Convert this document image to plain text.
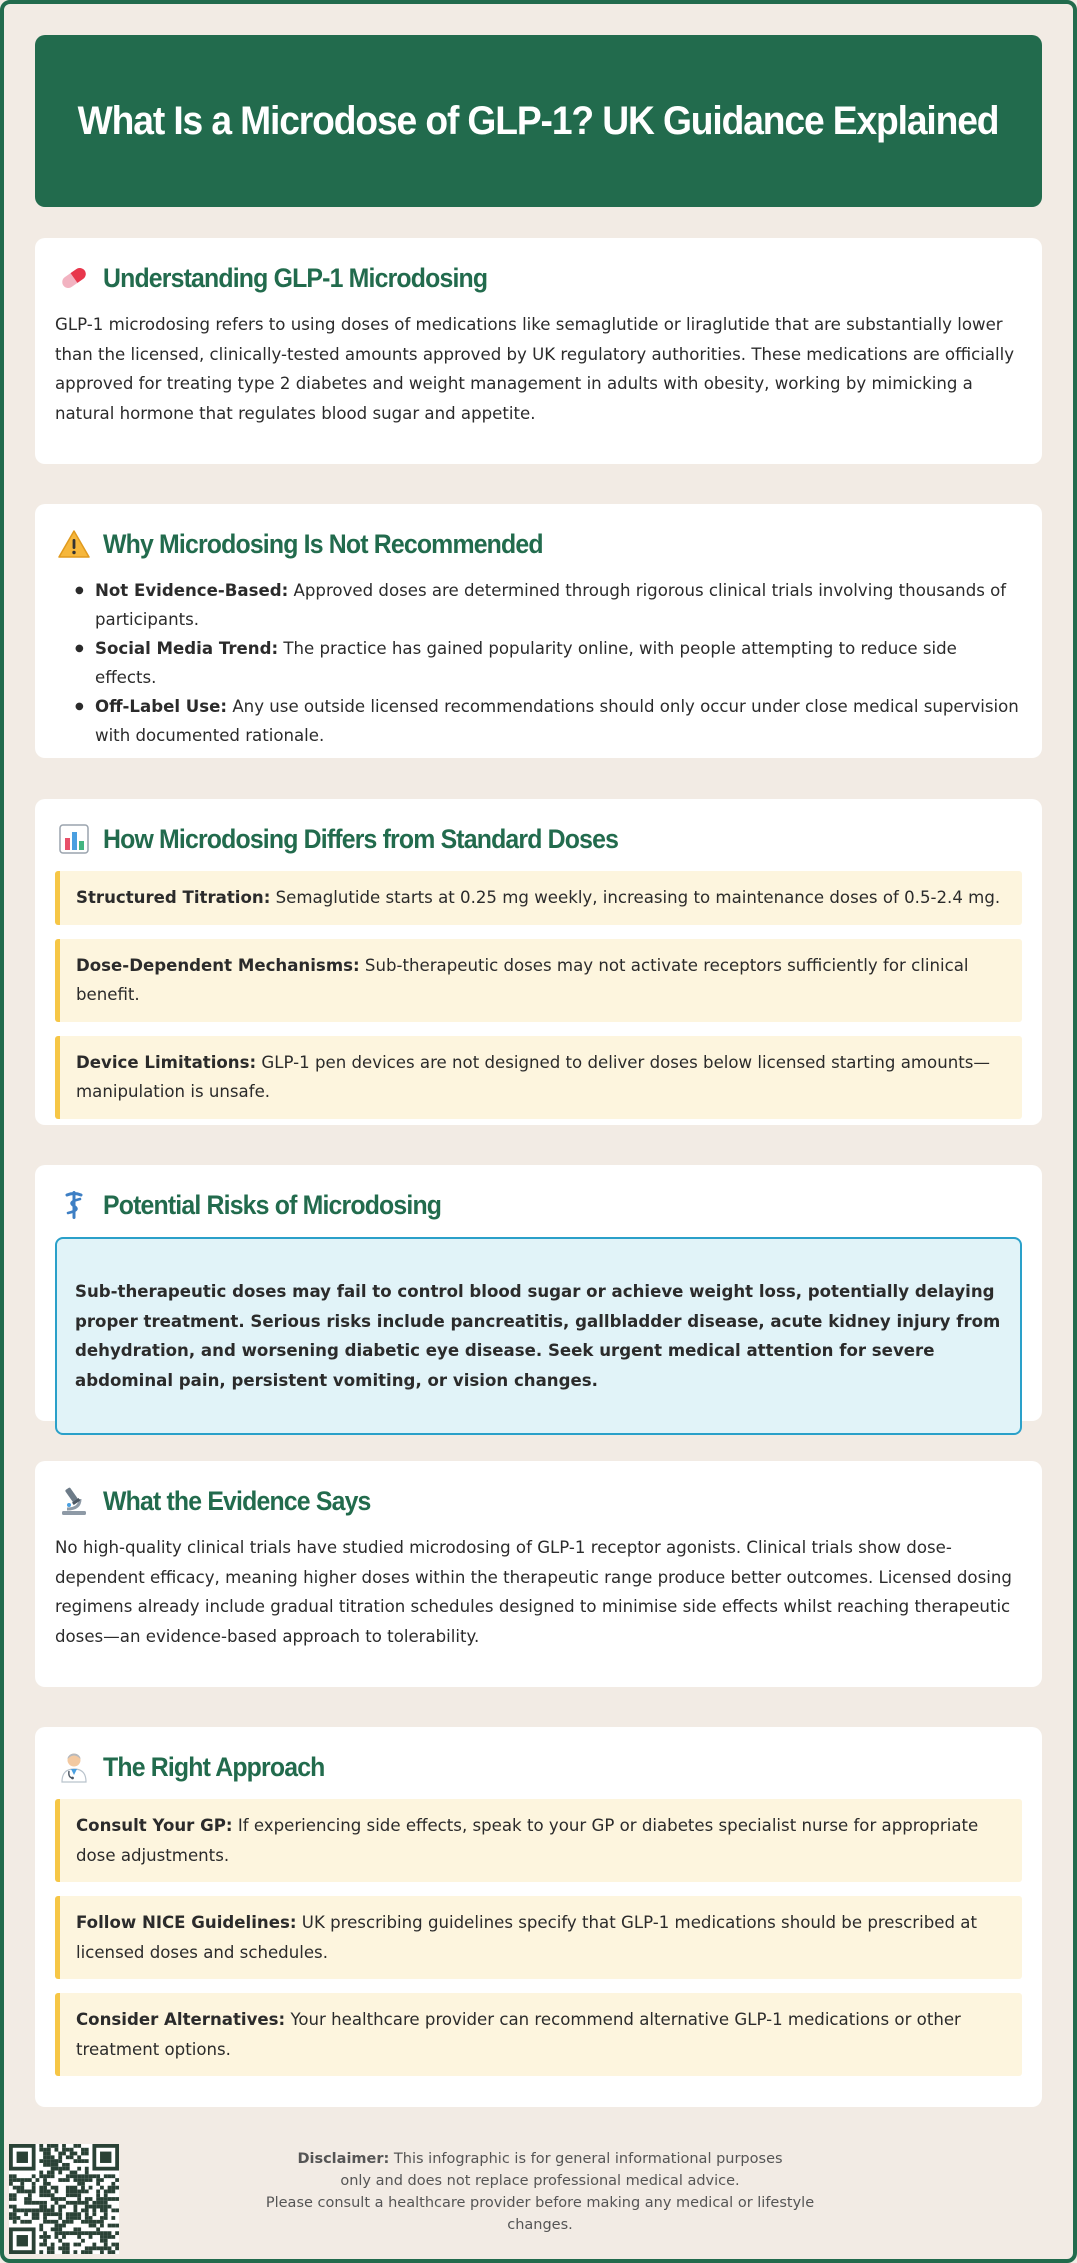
What Is a Microdose of GLP-1? UK Guidance Explained
Understanding GLP-1 Microdosing

GLP-1 microdosing refers to using doses of medications like semaglutide or liraglutide that are substantially lower than the licensed, clinically-tested amounts approved by UK regulatory authorities. These medications are officially approved for treating type 2 diabetes and weight management in adults with obesity, working by mimicking a natural hormone that regulates blood sugar and appetite.

Why Microdosing Is Not Recommended
● Not Evidence-Based: Approved doses are determined through rigorous clinical trials involving thousands of participants.
● Social Media Trend: The practice has gained popularity online, with people attempting to reduce side effects.
● Off-Label Use: Any use outside licensed recommendations should only occur under close medical supervision with documented rationale.
How Microdosing Differs from Standard Doses
Structured Titration: Semaglutide starts at 0.25 mg weekly, increasing to maintenance doses of 0.5-2.4 mg.
Dose-Dependent Mechanisms: Sub-therapeutic doses may not activate receptors sufficiently for clinical benefit.
Device Limitations: GLP-1 pen devices are not designed to deliver doses below licensed starting amounts—manipulation is unsafe.
Potential Risks of Microdosing
Sub-therapeutic doses may fail to control blood sugar or achieve weight loss, potentially delaying proper treatment. Serious risks include pancreatitis, gallbladder disease, acute kidney injury from dehydration, and worsening diabetic eye disease. Seek urgent medical attention for severe abdominal pain, persistent vomiting, or vision changes.
What the Evidence Says

No high-quality clinical trials have studied microdosing of GLP-1 receptor agonists. Clinical trials show dose-dependent efficacy, meaning higher doses within the therapeutic range produce better outcomes. Licensed dosing regimens already include gradual titration schedules designed to minimise side effects whilst reaching therapeutic doses—an evidence-based approach to tolerability.

The Right Approach
Consult Your GP: If experiencing side effects, speak to your GP or diabetes specialist nurse for appropriate dose adjustments.
Follow NICE Guidelines: UK prescribing guidelines specify that GLP-1 medications should be prescribed at licensed doses and schedules.
Consider Alternatives: Your healthcare provider can recommend alternative GLP-1 medications or other treatment options.
Disclaimer: This infographic is for general informational purposes
only and does not replace professional medical advice.
Please consult a healthcare provider before making any medical or lifestyle changes.
